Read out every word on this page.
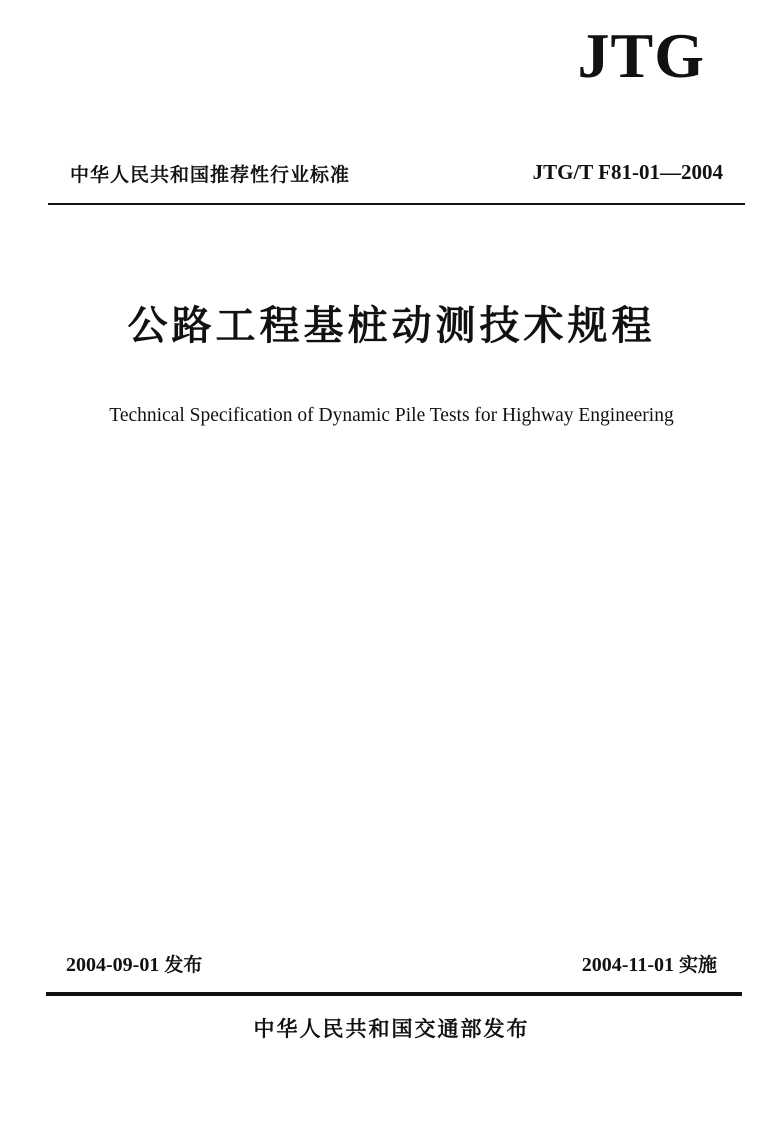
JTG
中华人民共和国推荐性行业标准	JTG/T F81-01—2004
公路工程基桩动测技术规程
Technical Specification of Dynamic Pile Tests for Highway Engineering
2004-09-01 发布	2004-11-01 实施
中华人民共和国交通部发布
